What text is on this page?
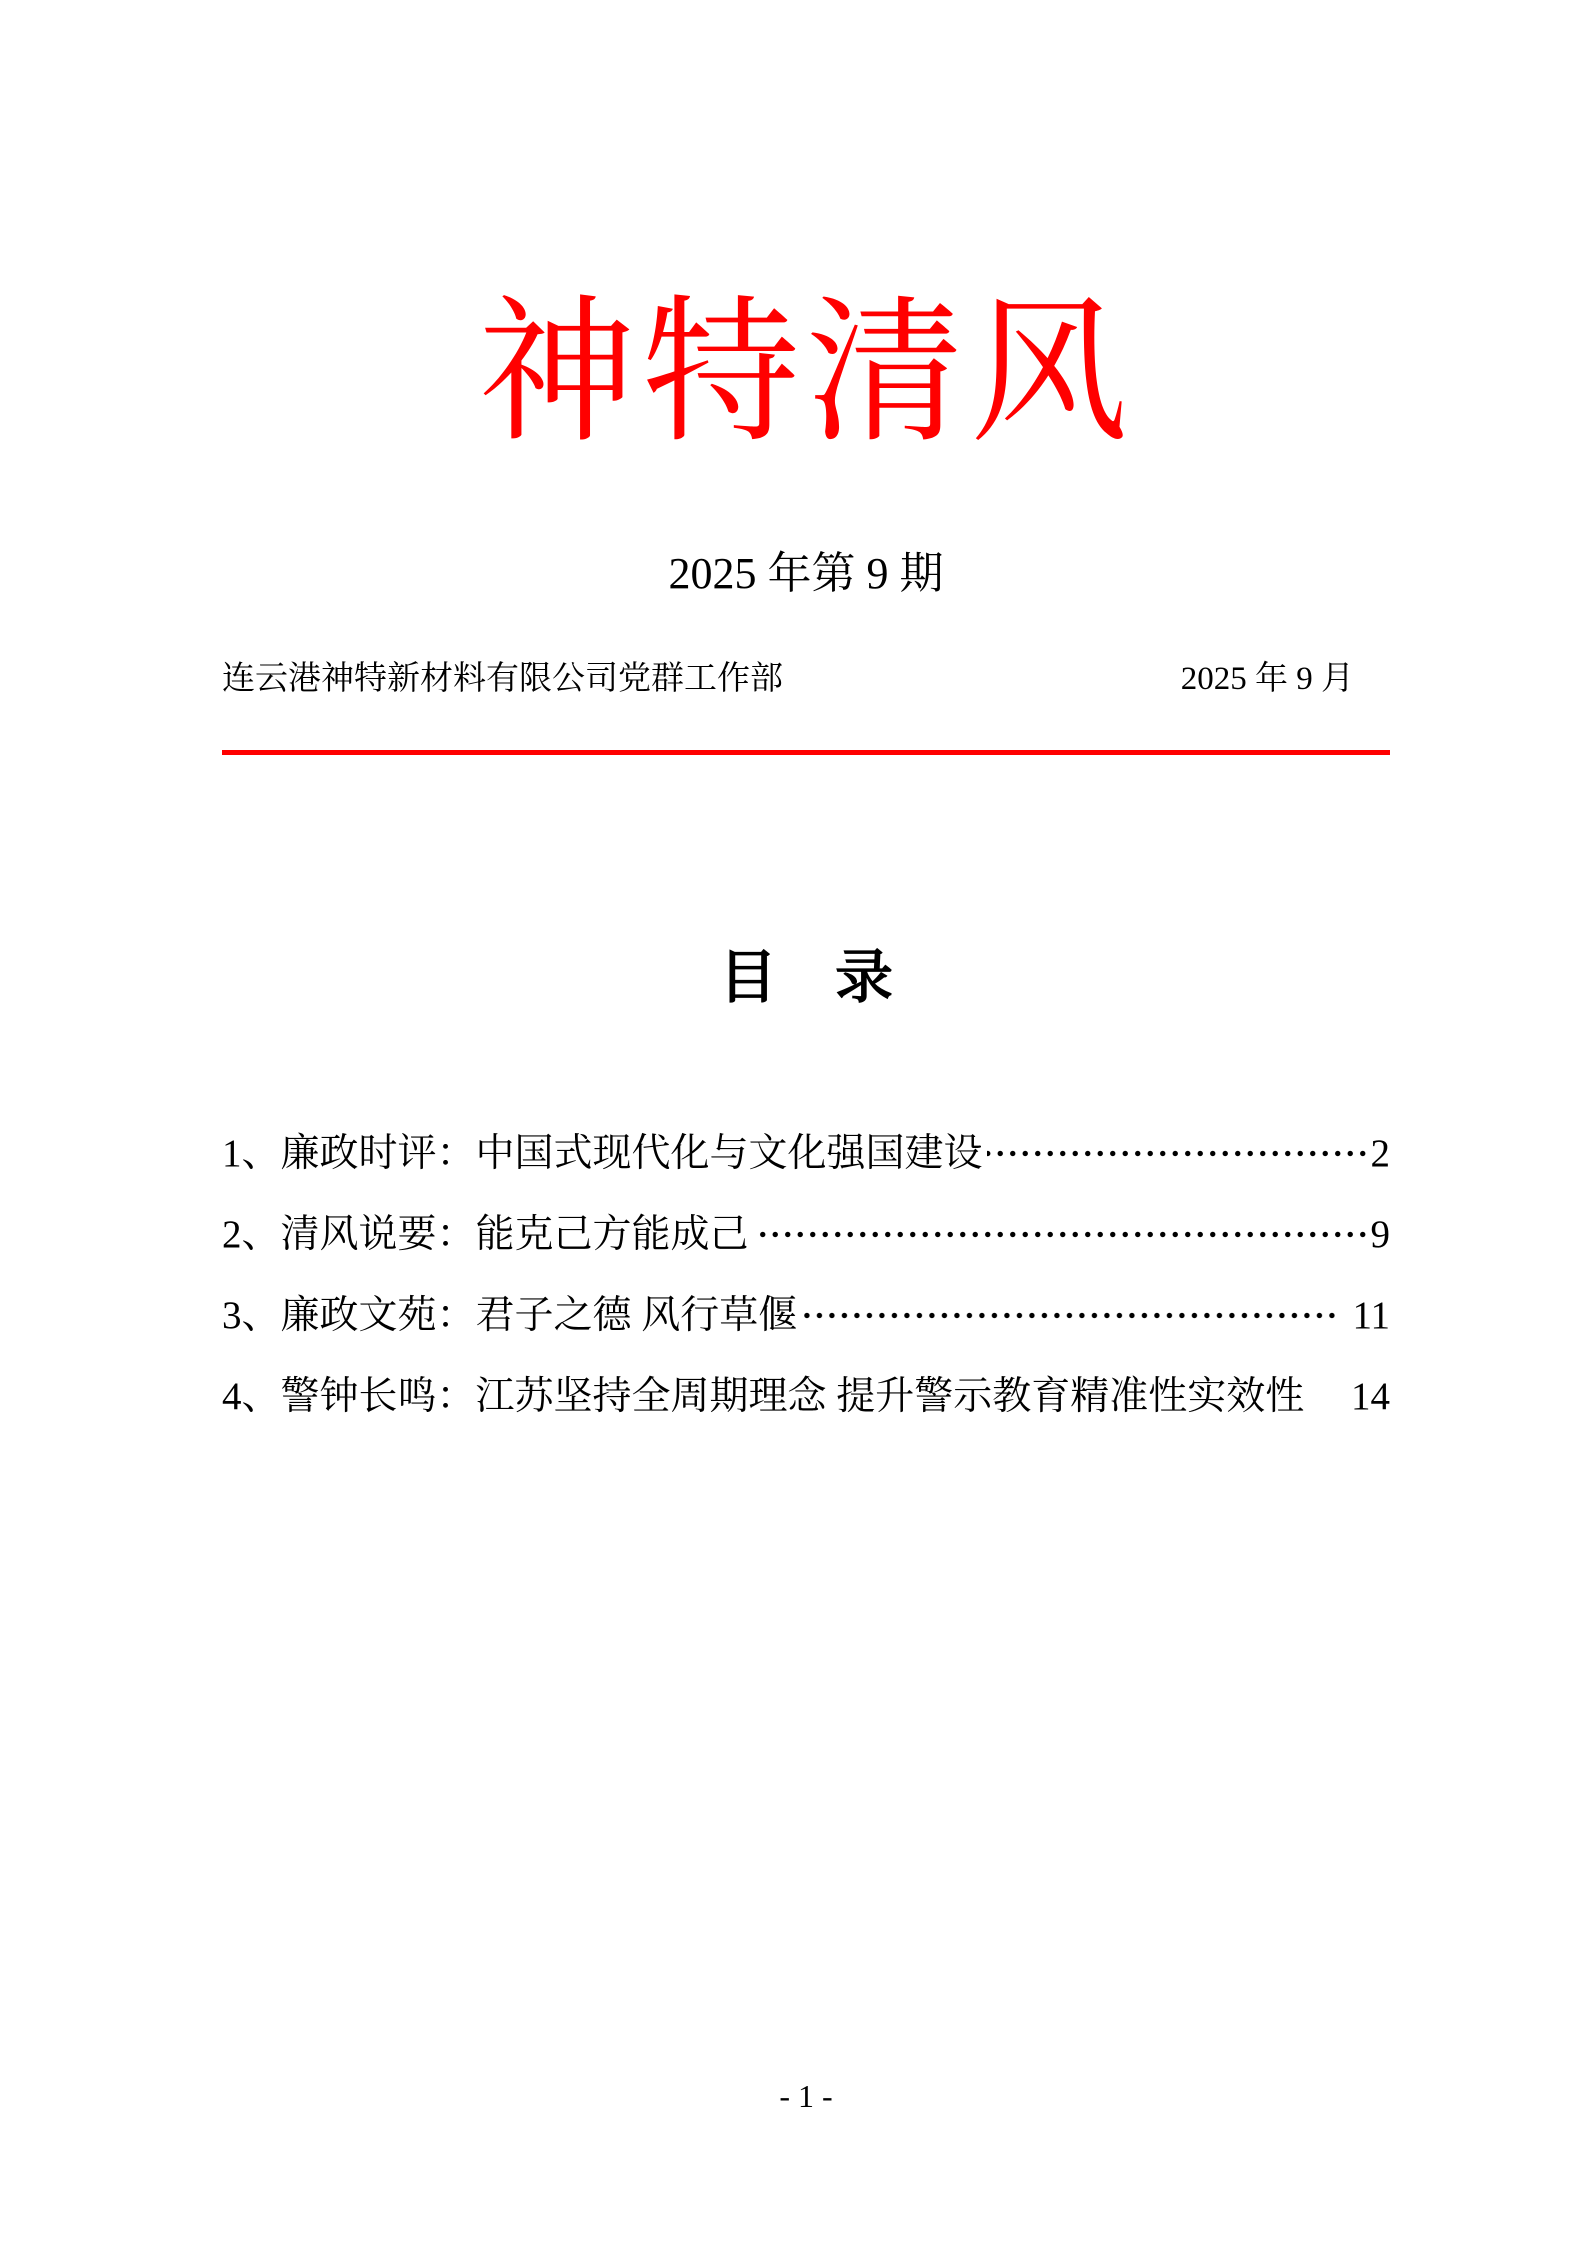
神特清风
2025 年第 9 期
连云港神特新材料有限公司党群工作部	2025 年 9 月
目　录
1、廉政时评：中国式现代化与文化强国建设	2
2、清风说要：能克己方能成己	9
3、廉政文苑：君子之德 风行草偃	11
4、警钟长鸣：江苏坚持全周期理念 提升警示教育精准性实效性 14
- 1 -
